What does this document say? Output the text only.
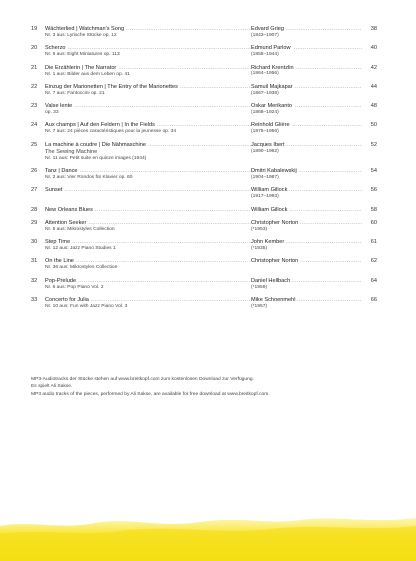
19	Wächterlied | Watchman's Song .....	38
Edvard Grieg
Nr. 3 aus: Lyrische Stücke op. 12	(1843–1907)
20	Scherzo .....	40
Edmund Parlow
Nr. 6 aus: Eight Miniatures op. 113	(1855–1944)
21	Die Erzählerin | The Narrator .....	42
Richard Krentzlin
Nr. 1 aus: Bilder aus dem Leben op. 41	(1864–1956)
22	Einzug der Marionetten | The Entry of the Marionettes .....	44
Samuil Majkapar
Nr. 7 aus: Fantoccini op. 21	(1867–1938)
23	Valse lente .....	48
Oskar Merikanto
op. 33	(1868–1924)
24	Aux champs | Auf den Feldern | In the Fields .....	50
Reinhold Glière
Nr. 7 aus: 24 pièces caractéristiques pour la jeunesse op. 34	(1875–1956)
25	La machine à coudre | Die Nähmaschine .....	52
Jacques Ibert
The Sewing Machine
Nr. 11 aus: Petit suite en quinze images (1944)
(1890–1962)
26	Tanz | Dance .....	54
Dmitri Kabalewskij
Nr. 2 aus: Vier Rondos für Klavier op. 60	(1904–1987)
27	Sunset .....	56
William Gillock
(1917–1993)
28	New Orleans Blues .....	58
William Gillock
29	Attention Seeker .....	60
Christopher Norton
Nr. 5 aus: Mikrostyles Collection	(*1953)
30	Step Time .....	61
John Kember
Nr. 12 aus: Jazz Piano Studies 1	(*1935)
31	On the Line .....	62
Christopher Norton
Nr. 36 aus: Mikrostyles Collection
32	Pop-Prelude .....	64
Daniel Hellbach
Nr. 6 aus: Pop Piano Vol. 2	(*1959)
33	Concerto for Julia .....	66
Mike Schoenmehl
Nr. 10 aus: Fun with Jazz Piano Vol. 3	(*1957)

MP3-Audiotracks der Stücke stehen auf www.breitkopf.com zum kostenlosen Download zur Verfügung.

Es spielt Ali Sakse.

MP3 audio tracks of the pieces, performed by Ali Sakse, are available for free download at www.breitkopf.com.
